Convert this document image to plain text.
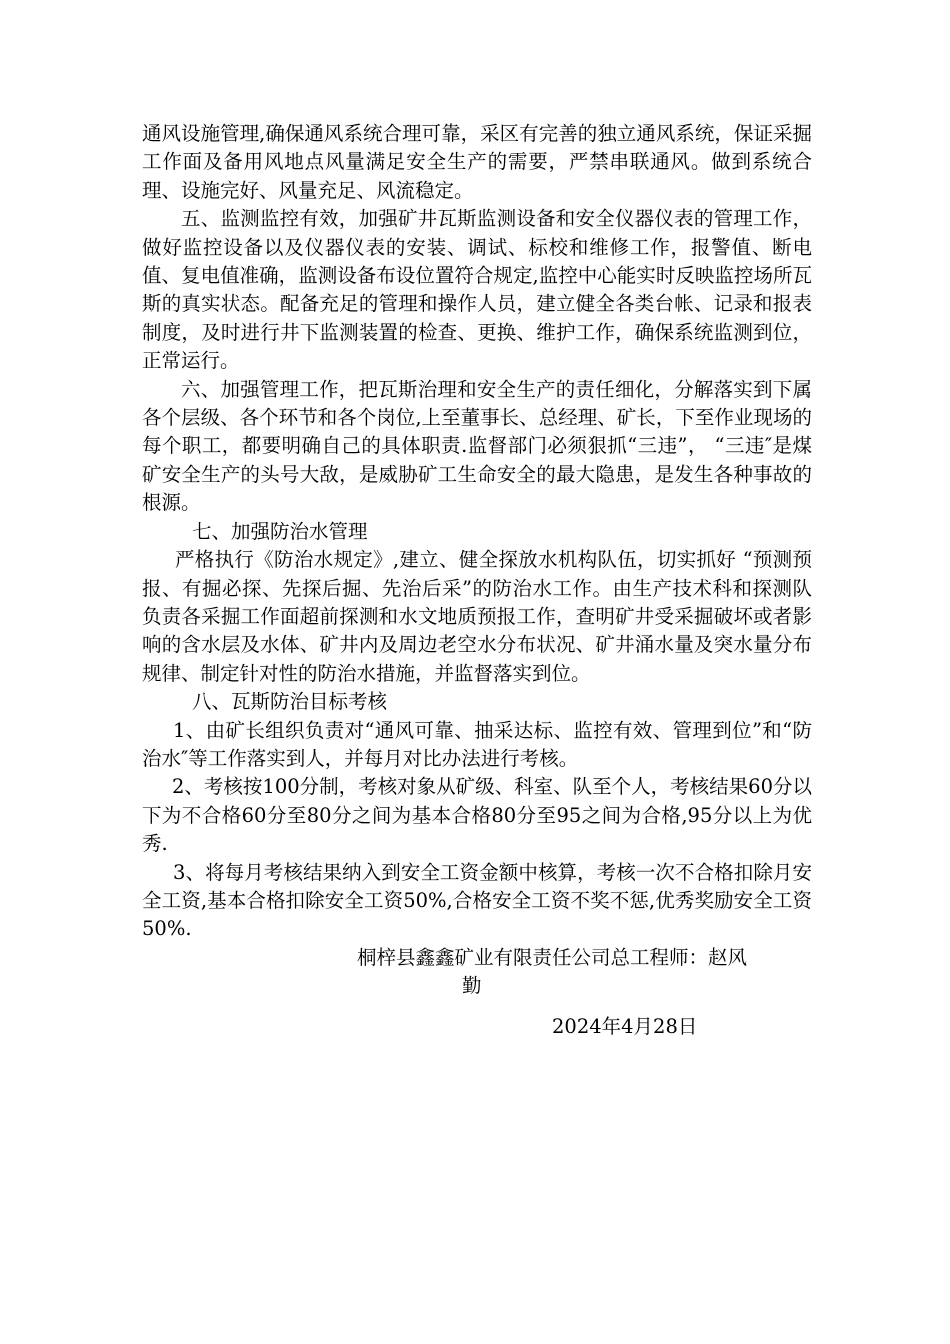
通风设施管理,确保通风系统合理可靠，采区有完善的独立通风系统，保证采掘工作面及备用风地点风量满足安全生产的需要，严禁串联通风。做到系统合理、设施完好、风量充足、风流稳定。

五、监测监控有效，加强矿井瓦斯监测设备和安全仪器仪表的管理工作，做好监控设备以及仪器仪表的安装、调试、标校和维修工作，报警值、断电值、复电值准确，监测设备布设位置符合规定,监控中心能实时反映监控场所瓦斯的真实状态。配备充足的管理和操作人员，建立健全各类台帐、记录和报表制度，及时进行井下监测装置的检查、更换、维护工作，确保系统监测到位，正常运行。

六、加强管理工作，把瓦斯治理和安全生产的责任细化，分解落实到下属各个层级、各个环节和各个岗位,上至董事长、总经理、矿长，下至作业现场的每个职工，都要明确自己的具体职责.监督部门必须狠抓“三违”， “三违″是煤矿安全生产的头号大敌，是威胁矿工生命安全的最大隐患，是发生各种事故的根源。

七、加强防治水管理

严格执行《防治水规定》,建立、健全探放水机构队伍，切实抓好 “预测预报、有掘必探、先探后掘、先治后采”的防治水工作。由生产技术科和探测队负责各采掘工作面超前探测和水文地质预报工作，查明矿井受采掘破坏或者影响的含水层及水体、矿井内及周边老空水分布状况、矿井涌水量及突水量分布规律、制定针对性的防治水措施，并监督落实到位。

八、瓦斯防治目标考核

1、由矿长组织负责对“通风可靠、抽采达标、监控有效、管理到位”和“防治水″等工作落实到人，并每月对比办法进行考核。

2、考核按100分制，考核对象从矿级、科室、队至个人，考核结果60分以下为不合格60分至80分之间为基本合格80分至95之间为合格,95分以上为优秀.

3、将每月考核结果纳入到安全工资金额中核算，考核一次不合格扣除月安全工资,基本合格扣除安全工资50%,合格安全工资不奖不惩,优秀奖励安全工资50%.

桐梓县鑫鑫矿业有限责任公司总工程师：赵风

勤

2024年4月28日
